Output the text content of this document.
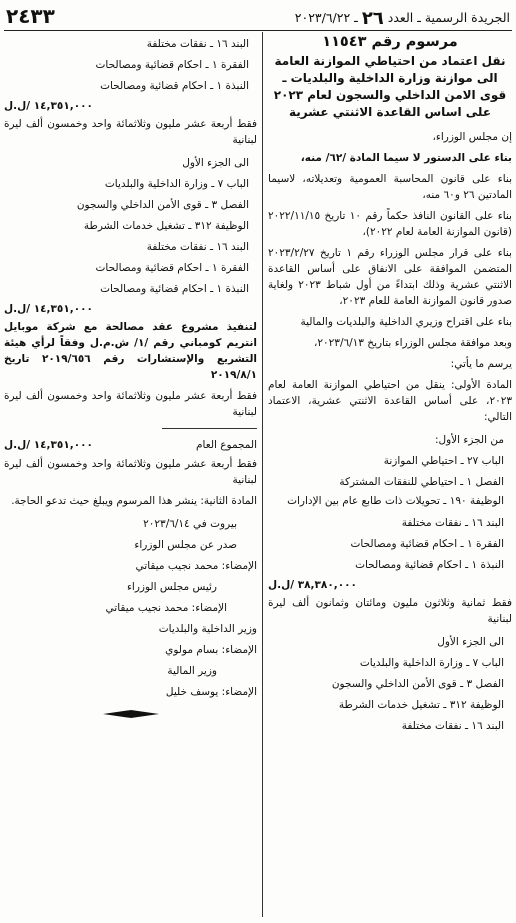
٢٤٣٣	الجريدة الرسمية ـ العدد ٢٦ ـ ٢٠٢٣/٦/٢٢
مرسوم رقم ١١٥٤٣
نقل اعتماد من احتياطي الموازنة العامة
الى موازنة وزارة الداخلية والبلديات ـ
قوى الامن الداخلي والسجون لعام ٢٠٢٣
على اساس القاعدة الاثنتي عشرية
إن مجلس الوزراء،
بناء على الدستور لا سيما المادة /٦٢/ منه،
بناء على قانون المحاسبة العمومية وتعديلاته، لاسيما المادتين ٢٦ و٦٠ منه،
بناء على القانون النافذ حكماً رقم ١٠ تاريخ ٢٠٢٢/١١/١٥ (قانون الموازنة العامة لعام ٢٠٢٢)،
بناء على قرار مجلس الوزراء رقم ١ تاريخ ٢٠٢٣/٢/٢٧ المتضمن الموافقة على الانفاق على أساس القاعدة الاثنتي عشرية وذلك ابتداءً من أول شباط ٢٠٢٣ ولغاية صدور قانون الموازنة العامة للعام ٢٠٢٣،
بناء على اقتراح وزيري الداخلية والبلديات والمالية
وبعد موافقة مجلس الوزراء بتاريخ ٢٠٢٣/٦/١٣،
يرسم ما يأتي:
المادة الأولى: ينقل من احتياطي الموازنة العامة لعام ٢٠٢٣، على أساس القاعدة الاثنتي عشرية، الاعتماد التالي:
من الجزء الأول:
الباب ٢٧ ـ احتياطي الموازنة
الفصل ١ ـ احتياطي للنفقات المشتركة
الوظيفة ١٩٠ ـ تحويلات ذات طابع عام بين الإدارات
البند ١٦ ـ نفقات مختلفة
الفقرة ١ ـ احكام قضائية ومصالحات
النبذة ١ ـ احكام قضائية ومصالحات
٣٨,٣٨٠,٠٠٠ /ل.ل
فقط ثمانية وثلاثون مليون ومائتان وثمانون ألف ليرة لبنانية
الى الجزء الأول
الباب ٧ ـ وزارة الداخلية والبلديات
الفصل ٣ ـ قوى الأمن الداخلي والسجون
الوظيفة ٣١٢ ـ تشغيل خدمات الشرطة
البند ١٦ ـ نفقات مختلفة
البند ١٦ ـ نفقات مختلفة
الفقرة ١ ـ احكام قضائية ومصالحات
النبذة ١ ـ احكام قضائية ومصالحات
١٤,٣٥١,٠٠٠ /ل.ل
فقط أربعة عشر مليون وثلاثمائة واحد وخمسون ألف ليرة لبنانية
الى الجزء الأول
الباب ٧ ـ وزارة الداخلية والبلديات
الفصل ٣ ـ قوى الأمن الداخلي والسجون
الوظيفة ٣١٢ ـ تشغيل خدمات الشرطة
البند ١٦ ـ نفقات مختلفة
الفقرة ١ ـ احكام قضائية ومصالحات
النبذة ١ ـ احكام قضائية ومصالحات
١٤,٣٥١,٠٠٠ /ل.ل
لتنفيذ مشروع عقد مصالحة مع شركة موبايل انتريم كومباني رقم /١/ ش.م.ل وفقاً لرأي هيئة التشريع والإستشارات رقم ٢٠١٩/٦٥٦ تاريخ ٢٠١٩/٨/١
فقط أربعة عشر مليون وثلاثمائة واحد وخمسون ألف ليرة لبنانية
المجموع العام
١٤,٣٥١,٠٠٠ /ل.ل
فقط أربعة عشر مليون وثلاثمائة واحد وخمسون ألف ليرة لبنانية
المادة الثانية: ينشر هذا المرسوم ويبلغ حيث تدعو الحاجة.
بيروت في ٢٠٢٣/٦/١٤
صدر عن مجلس الوزراء
الإمضاء: محمد نجيب ميقاتي
رئيس مجلس الوزراء
الإمضاء: محمد نجيب ميقاتي
وزير الداخلية والبلديات
الإمضاء: بسام مولوي
وزير المالية
الإمضاء: يوسف خليل
